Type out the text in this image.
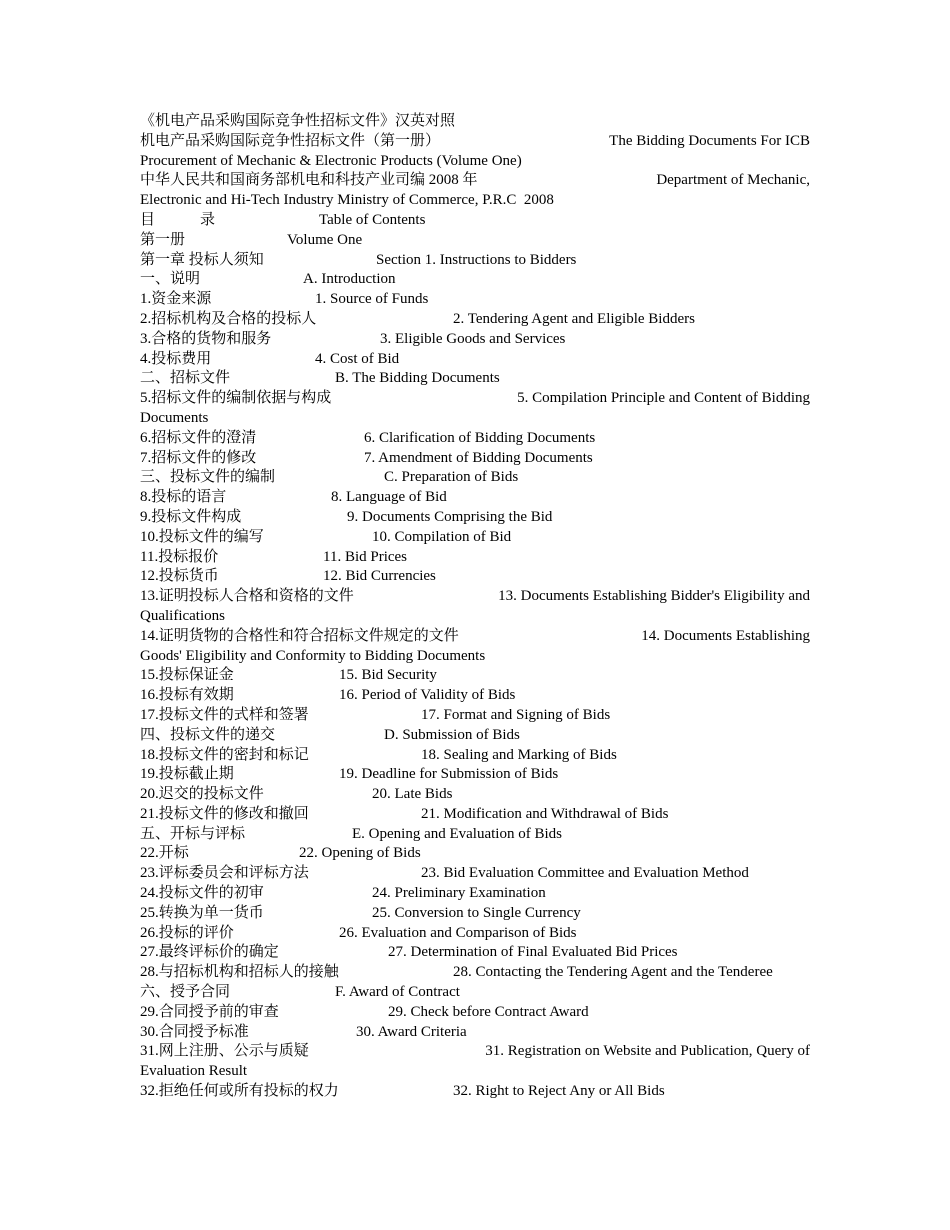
《机电产品采购国际竞争性招标文件》汉英对照
机电产品采购国际竞争性招标文件（第一册）	The Bidding Documents For ICB
Procurement of Mechanic & Electronic Products (Volume One)
中华人民共和国商务部机电和科技产业司编 2008 年	Department of Mechanic,
Electronic and Hi-Tech Industry Ministry of Commerce, P.R.C  2008
目　　　录	Table of Contents
第一册	Volume One
第一章 投标人须知	Section 1. Instructions to Bidders
一、说明	A. Introduction
1.资金来源	1. Source of Funds
2.招标机构及合格的投标人	2. Tendering Agent and Eligible Bidders
3.合格的货物和服务	3. Eligible Goods and Services
4.投标费用	4. Cost of Bid
二、招标文件	B. The Bidding Documents
5.招标文件的编制依据与构成	5. Compilation Principle and Content of Bidding
Documents
6.招标文件的澄清	6. Clarification of Bidding Documents
7.招标文件的修改	7. Amendment of Bidding Documents
三、投标文件的编制	C. Preparation of Bids
8.投标的语言	8. Language of Bid
9.投标文件构成	9. Documents Comprising the Bid
10.投标文件的编写	10. Compilation of Bid
11.投标报价	11. Bid Prices
12.投标货币	12. Bid Currencies
13.证明投标人合格和资格的文件	13. Documents Establishing Bidder's Eligibility and
Qualifications
14.证明货物的合格性和符合招标文件规定的文件	14. Documents Establishing
Goods' Eligibility and Conformity to Bidding Documents
15.投标保证金	15. Bid Security
16.投标有效期	16. Period of Validity of Bids
17.投标文件的式样和签署	17. Format and Signing of Bids
四、投标文件的递交	D. Submission of Bids
18.投标文件的密封和标记	18. Sealing and Marking of Bids
19.投标截止期	19. Deadline for Submission of Bids
20.迟交的投标文件	20. Late Bids
21.投标文件的修改和撤回	21. Modification and Withdrawal of Bids
五、开标与评标	E. Opening and Evaluation of Bids
22.开标	22. Opening of Bids
23.评标委员会和评标方法	23. Bid Evaluation Committee and Evaluation Method
24.投标文件的初审	24. Preliminary Examination
25.转换为单一货币	25. Conversion to Single Currency
26.投标的评价	26. Evaluation and Comparison of Bids
27.最终评标价的确定	27. Determination of Final Evaluated Bid Prices
28.与招标机构和招标人的接触	28. Contacting the Tendering Agent and the Tenderee
六、授予合同	F. Award of Contract
29.合同授予前的审查	29. Check before Contract Award
30.合同授予标准	30. Award Criteria
31.网上注册、公示与质疑	31. Registration on Website and Publication, Query of
Evaluation Result
32.拒绝任何或所有投标的权力	32. Right to Reject Any or All Bids
